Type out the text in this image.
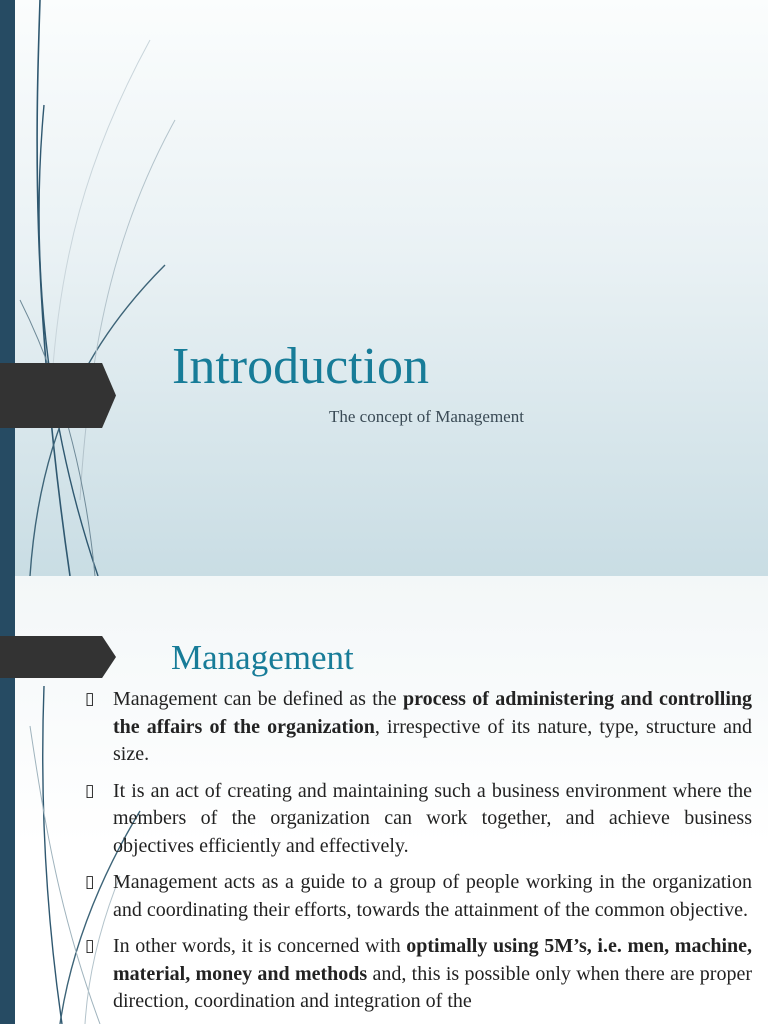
Introduction
The concept of Management
Management
▯ Management can be defined as the process of administering and controlling the affairs of the organization, irrespective of its nature, type, structure and size.
▯ It is an act of creating and maintaining such a business environment where the members of the organization can work together, and achieve business objectives efficiently and effectively.
▯ Management acts as a guide to a group of people working in the organization and coordinating their efforts, towards the attainment of the common objective.
▯ In other words, it is concerned with optimally using 5M’s, i.e. men, machine, material, money and methods and, this is possible only when there are proper direction, coordination and integration of the
